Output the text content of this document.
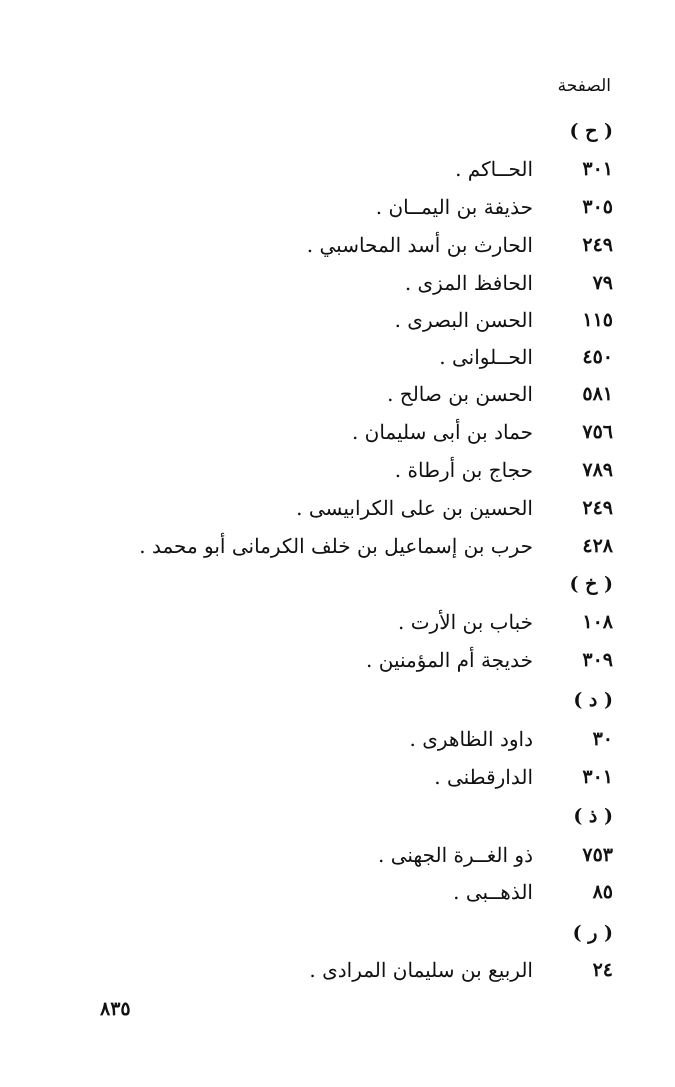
الصفحة
( ح )
٣٠١
الحــاكم .
٣٠٥
حذيفة بن اليمــان .
٢٤٩
الحارث بن أسد المحاسبي .
٧٩
الحافظ المزى .
١١٥
الحسن البصرى .
٤٥٠
الحــلوانى .
٥٨١
الحسن بن صالح .
٧٥٦
حماد بن أبى سليمان .
٧٨٩
حجاج بن أرطاة .
٢٤٩
الحسين بن على الكرابيسى .
٤٢٨
حرب بن إسماعيل بن خلف الكرمانى أبو محمد .
( خ )
١٠٨
خباب بن الأرت .
٣٠٩
خديجة أم المؤمنين .
( د )
٣٠
داود الظاهرى .
٣٠١
الدارقطنى .
( ذ )
٧٥٣
ذو الغــرة الجهنى .
٨٥
الذهــبى .
( ر )
٢٤
الربيع بن سليمان المرادى .
٨٣٥
